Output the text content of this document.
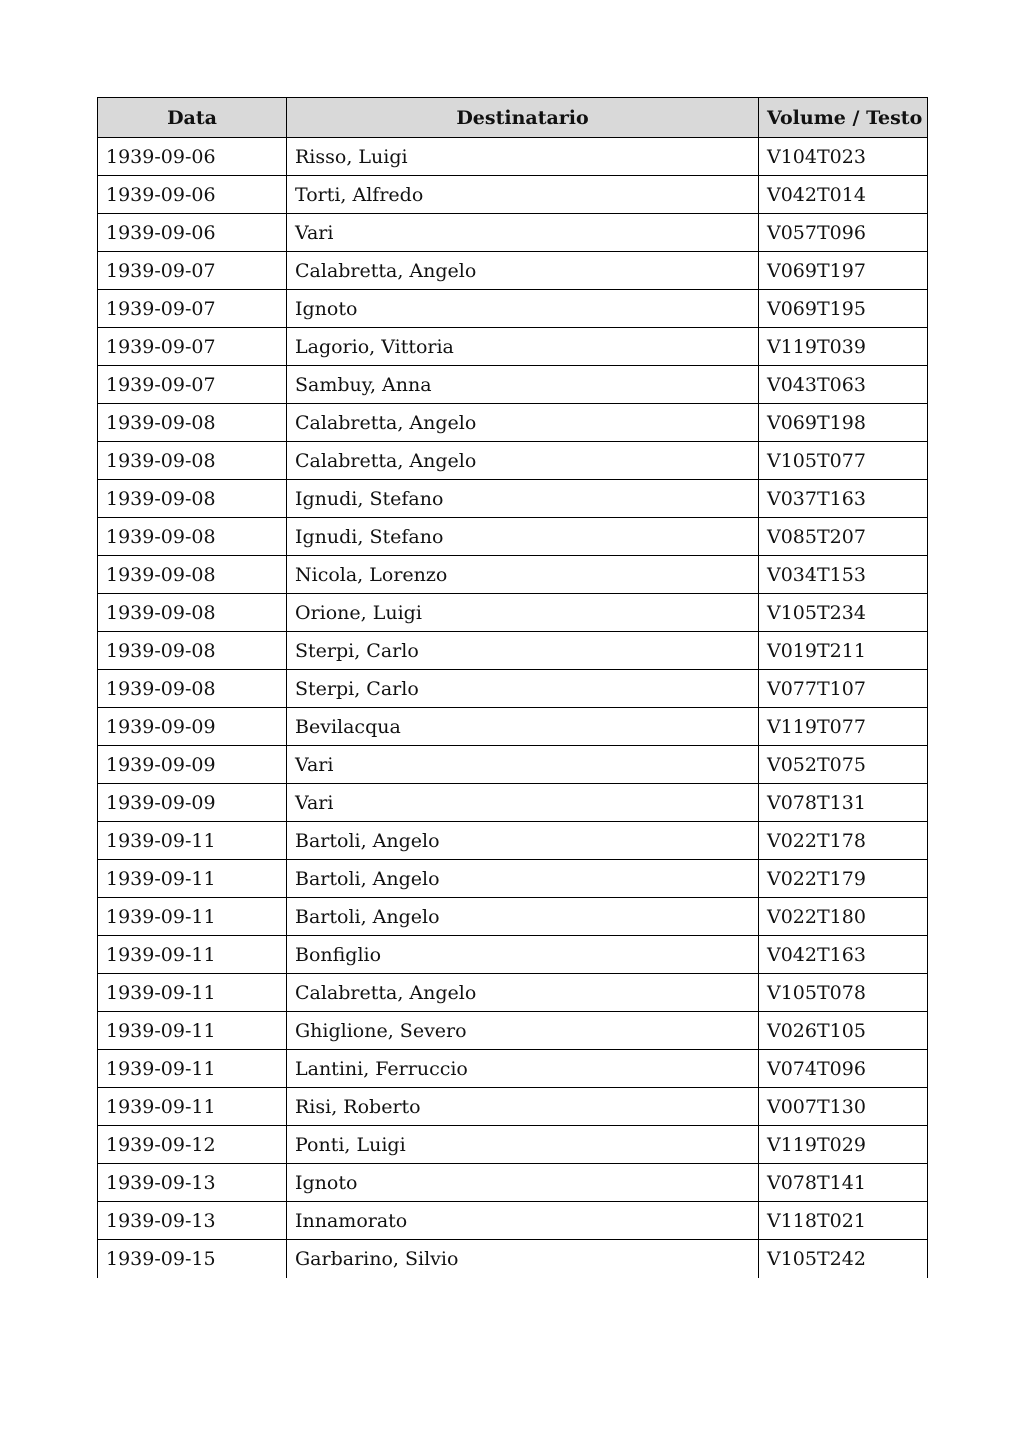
Data	Destinatario	Volume / Testo
1939-09-06	Risso, Luigi	V104T023
1939-09-06	Torti, Alfredo	V042T014
1939-09-06	Vari	V057T096
1939-09-07	Calabretta, Angelo	V069T197
1939-09-07	Ignoto	V069T195
1939-09-07	Lagorio, Vittoria	V119T039
1939-09-07	Sambuy, Anna	V043T063
1939-09-08	Calabretta, Angelo	V069T198
1939-09-08	Calabretta, Angelo	V105T077
1939-09-08	Ignudi, Stefano	V037T163
1939-09-08	Ignudi, Stefano	V085T207
1939-09-08	Nicola, Lorenzo	V034T153
1939-09-08	Orione, Luigi	V105T234
1939-09-08	Sterpi, Carlo	V019T211
1939-09-08	Sterpi, Carlo	V077T107
1939-09-09	Bevilacqua	V119T077
1939-09-09	Vari	V052T075
1939-09-09	Vari	V078T131
1939-09-11	Bartoli, Angelo	V022T178
1939-09-11	Bartoli, Angelo	V022T179
1939-09-11	Bartoli, Angelo	V022T180
1939-09-11	Bonfiglio	V042T163
1939-09-11	Calabretta, Angelo	V105T078
1939-09-11	Ghiglione, Severo	V026T105
1939-09-11	Lantini, Ferruccio	V074T096
1939-09-11	Risi, Roberto	V007T130
1939-09-12	Ponti, Luigi	V119T029
1939-09-13	Ignoto	V078T141
1939-09-13	Innamorato	V118T021
1939-09-15	Garbarino, Silvio	V105T242
